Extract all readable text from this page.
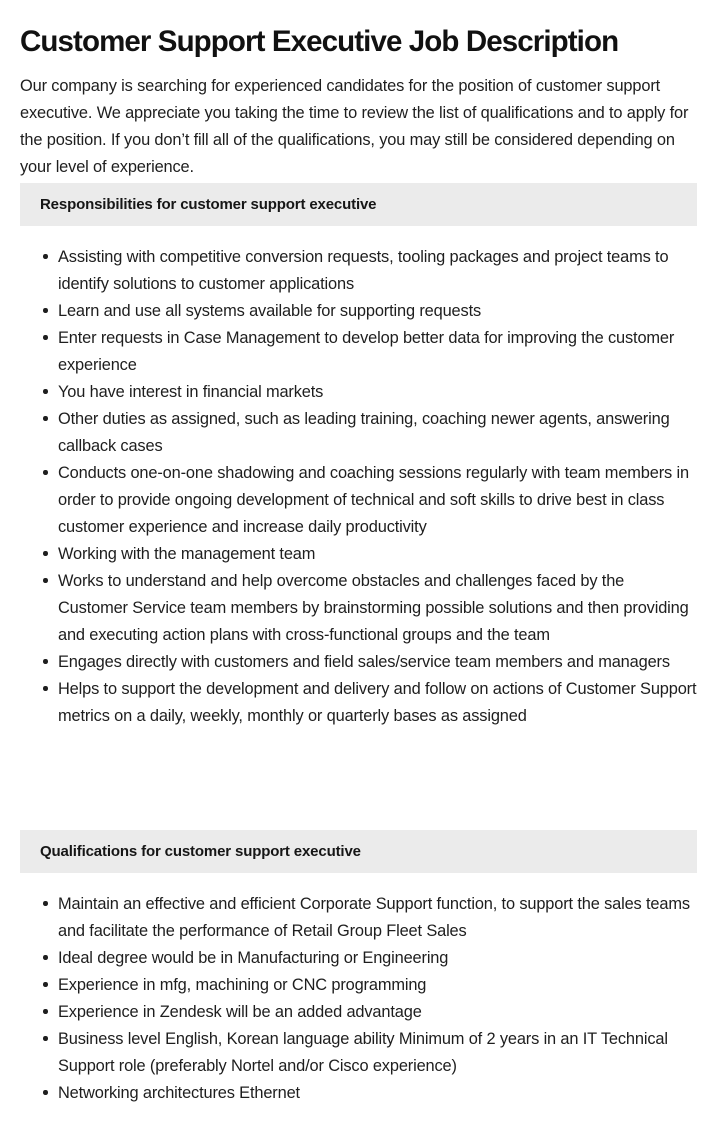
Customer Support Executive Job Description

Our company is searching for experienced candidates for the position of customer support executive. We appreciate you taking the time to review the list of qualifications and to apply for the position. If you don’t fill all of the qualifications, you may still be considered depending on your level of experience.

Responsibilities for customer support executive
Assisting with competitive conversion requests, tooling packages and project teams to identify solutions to customer applications
Learn and use all systems available for supporting requests
Enter requests in Case Management to develop better data for improving the customer experience
You have interest in financial markets
Other duties as assigned, such as leading training, coaching newer agents, answering callback cases
Conducts one-on-one shadowing and coaching sessions regularly with team members in order to provide ongoing development of technical and soft skills to drive best in class customer experience and increase daily productivity
Working with the management team
Works to understand and help overcome obstacles and challenges faced by the Customer Service team members by brainstorming possible solutions and then providing and executing action plans with cross-functional groups and the team
Engages directly with customers and field sales/service team members and managers
Helps to support the development and delivery and follow on actions of Customer Support metrics on a daily, weekly, monthly or quarterly bases as assigned
Qualifications for customer support executive
Maintain an effective and efficient Corporate Support function, to support the sales teams and facilitate the performance of Retail Group Fleet Sales
Ideal degree would be in Manufacturing or Engineering
Experience in mfg, machining or CNC programming
Experience in Zendesk will be an added advantage
Business level English, Korean language ability Minimum of 2 years in an IT Technical Support role (preferably Nortel and/or Cisco experience)
Networking architectures Ethernet
